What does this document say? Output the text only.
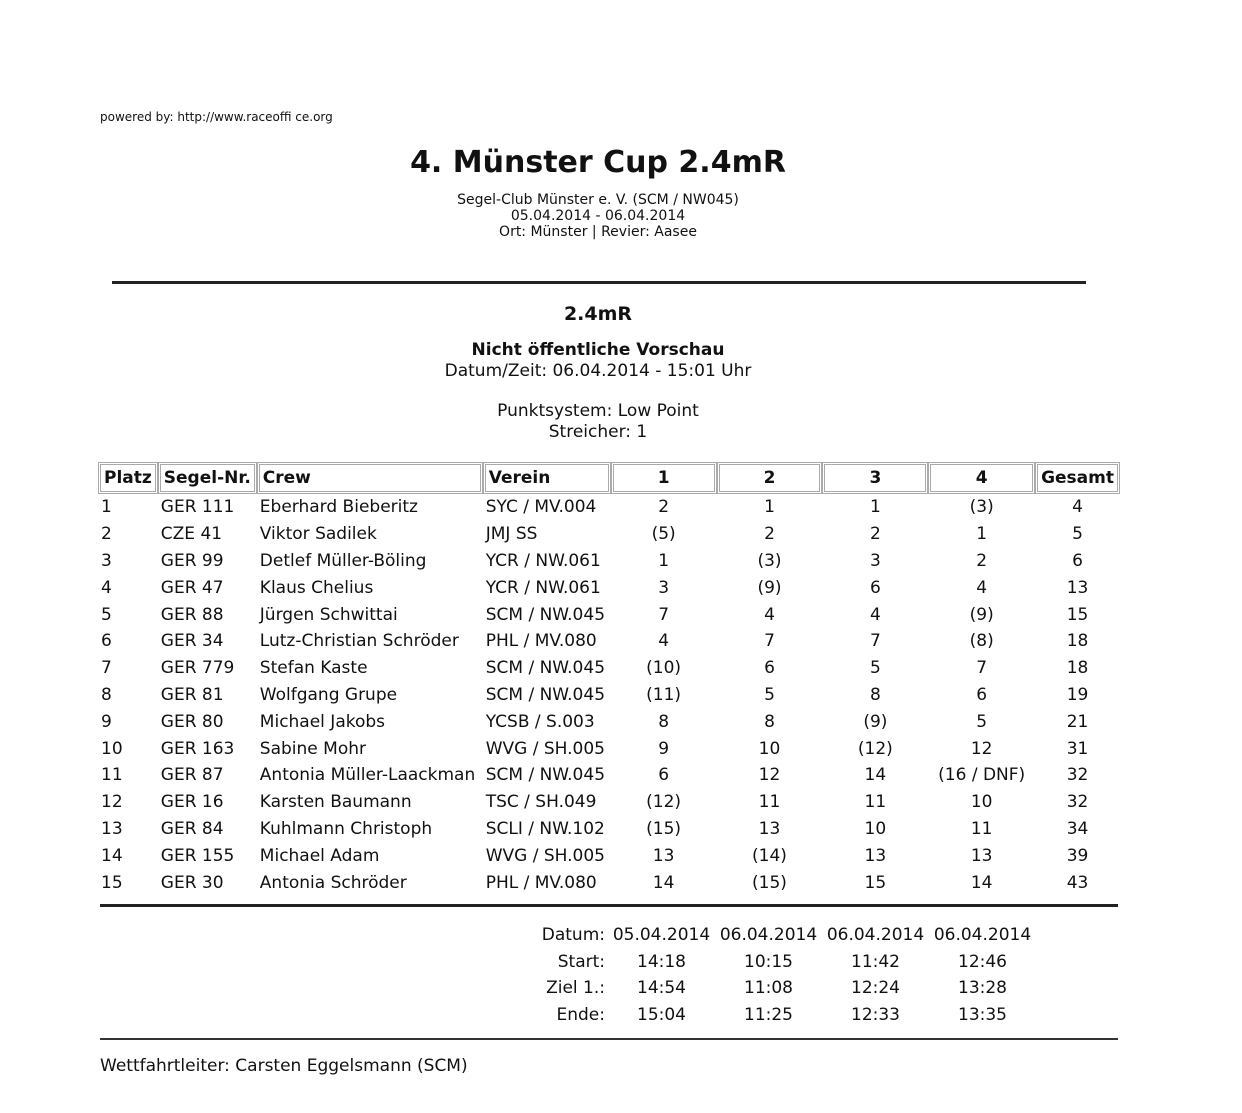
powered by: http://www.raceoffi ce.org
4. Münster Cup 2.4mR
Segel-Club Münster e. V. (SCM / NW045)
05.04.2014 - 06.04.2014
Ort: Münster | Revier: Aasee
2.4mR
Nicht öffentliche Vorschau
Datum/Zeit: 06.04.2014 - 15:01 Uhr
Punktsystem: Low Point
Streicher: 1
Platz	Segel-Nr.	Crew	Verein	1	2	3	4	Gesamt
1	GER 111	Eberhard Bieberitz	SYC / MV.004	2	1	1	(3)	4
2	CZE 41	Viktor Sadilek	JMJ SS	(5)	2	2	1	5
3	GER 99	Detlef Müller-Böling	YCR / NW.061	1	(3)	3	2	6
4	GER 47	Klaus Chelius	YCR / NW.061	3	(9)	6	4	13
5	GER 88	Jürgen Schwittai	SCM / NW.045	7	4	4	(9)	15
6	GER 34	Lutz-Christian Schröder	PHL / MV.080	4	7	7	(8)	18
7	GER 779	Stefan Kaste	SCM / NW.045	(10)	6	5	7	18
8	GER 81	Wolfgang Grupe	SCM / NW.045	(11)	5	8	6	19
9	GER 80	Michael Jakobs	YCSB / S.003	8	8	(9)	5	21
10	GER 163	Sabine Mohr	WVG / SH.005	9	10	(12)	12	31
11	GER 87	Antonia Müller-Laackman	SCM / NW.045	6	12	14	(16 / DNF)	32
12	GER 16	Karsten Baumann	TSC / SH.049	(12)	11	11	10	32
13	GER 84	Kuhlmann Christoph	SCLI / NW.102	(15)	13	10	11	34
14	GER 155	Michael Adam	WVG / SH.005	13	(14)	13	13	39
15	GER 30	Antonia Schröder	PHL / MV.080	14	(15)	15	14	43
Datum:	05.04.2014	06.04.2014	06.04.2014	06.04.2014
Start:	14:18	10:15	11:42	12:46
Ziel 1.:	14:54	11:08	12:24	13:28
Ende:	15:04	11:25	12:33	13:35
Wettfahrtleiter: Carsten Eggelsmann (SCM)
